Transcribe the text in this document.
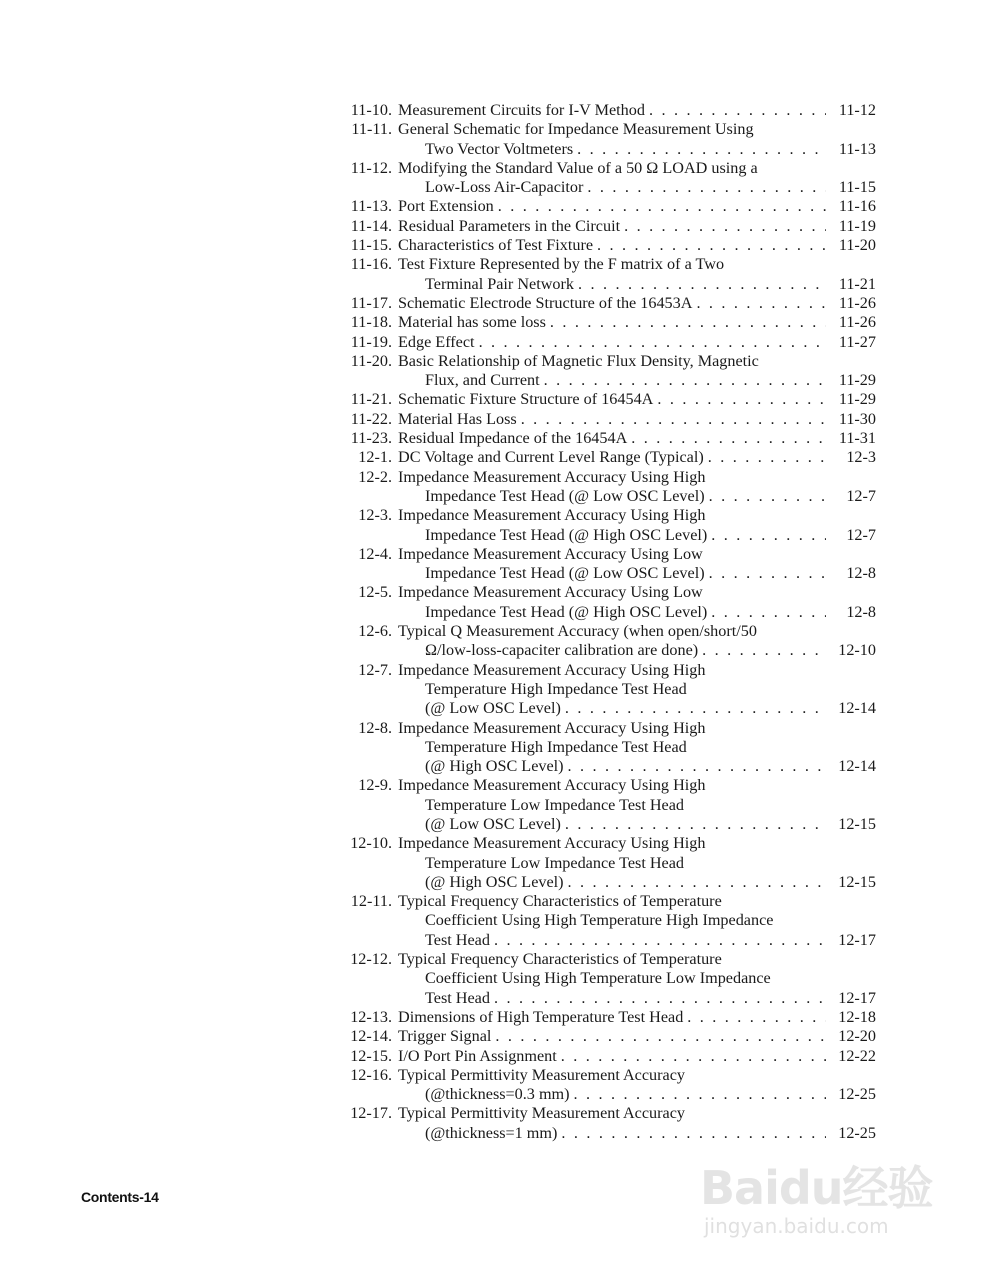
11-10. Measurement Circuits for I-V Method . . .	11-12
11-11. General Schematic for Impedance Measurement Using
Two Vector Voltmeters . . .	11-13
11-12. Modifying the Standard Value of a 50 Ω LOAD using a
Low-Loss Air-Capacitor . . .	11-15
11-13. Port Extension . . .	11-16
11-14. Residual Parameters in the Circuit . . .	11-19
11-15. Characteristics of Test Fixture . . .	11-20
11-16. Test Fixture Represented by the F matrix of a Two
Terminal Pair Network . . .	11-21
11-17. Schematic Electrode Structure of the 16453A . . .	11-26
11-18. Material has some loss . . .	11-26
11-19. Edge Effect . . .	11-27
11-20. Basic Relationship of Magnetic Flux Density, Magnetic
Flux, and Current . . .	11-29
11-21. Schematic Fixture Structure of 16454A . . .	11-29
11-22. Material Has Loss . . .	11-30
11-23. Residual Impedance of the 16454A . . .	11-31
12-1. DC Voltage and Current Level Range (Typical) . . .	12-3
12-2. Impedance Measurement Accuracy Using High
Impedance Test Head (@ Low OSC Level) . . .	12-7
12-3. Impedance Measurement Accuracy Using High
Impedance Test Head (@ High OSC Level) . . .	12-7
12-4. Impedance Measurement Accuracy Using Low
Impedance Test Head (@ Low OSC Level) . . .	12-8
12-5. Impedance Measurement Accuracy Using Low
Impedance Test Head (@ High OSC Level) . . .	12-8
12-6. Typical Q Measurement Accuracy (when open/short/50
Ω/low-loss-capaciter calibration are done) . . .	12-10
12-7. Impedance Measurement Accuracy Using High
Temperature High Impedance Test Head
(@ Low OSC Level) . . .	12-14
12-8. Impedance Measurement Accuracy Using High
Temperature High Impedance Test Head
(@ High OSC Level) . . .	12-14
12-9. Impedance Measurement Accuracy Using High
Temperature Low Impedance Test Head
(@ Low OSC Level) . . .	12-15
12-10. Impedance Measurement Accuracy Using High
Temperature Low Impedance Test Head
(@ High OSC Level) . . .	12-15
12-11. Typical Frequency Characteristics of Temperature
Coefficient Using High Temperature High Impedance
Test Head . . .	12-17
12-12. Typical Frequency Characteristics of Temperature
Coefficient Using High Temperature Low Impedance
Test Head . . .	12-17
12-13. Dimensions of High Temperature Test Head . . .	12-18
12-14. Trigger Signal . . .	12-20
12-15. I/O Port Pin Assignment . . .	12-22
12-16. Typical Permittivity Measurement Accuracy
(@thickness=0.3 mm) . . .	12-25
12-17. Typical Permittivity Measurement Accuracy
(@thickness=1 mm) . . .	12-25
Contents-14	Baidu经验
jingyan.baidu.com
